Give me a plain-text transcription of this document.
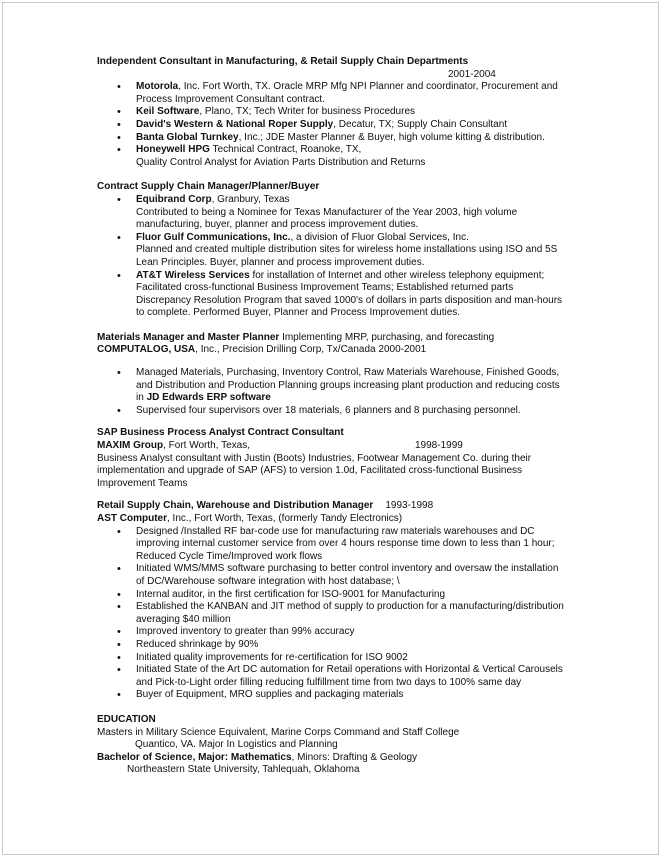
Independent Consultant in Manufacturing, & Retail Supply Chain Departments
2001-2004
• Motorola, Inc. Fort Worth, TX. Oracle MRP Mfg NPI Planner and coordinator, Procurement and
Process Improvement Consultant contract.
• Keil Software, Plano, TX; Tech Writer for business Procedures
• David's Western & National Roper Supply, Decatur, TX; Supply Chain Consultant
• Banta Global Turnkey, Inc.; JDE Master Planner & Buyer, high volume kitting & distribution.
• Honeywell HPG Technical Contract, Roanoke, TX,
Quality Control Analyst for Aviation Parts Distribution and Returns
Contract Supply Chain Manager/Planner/Buyer
• Equibrand Corp, Granbury, Texas
Contributed to being a Nominee for Texas Manufacturer of the Year 2003, high volume
manufacturing, buyer, planner and process improvement duties.
• Fluor Gulf Communications, Inc., a division of Fluor Global Services, Inc.
Planned and created multiple distribution sites for wireless home installations using ISO and 5S
Lean Principles. Buyer, planner and process improvement duties.
• AT&T Wireless Services for installation of Internet and other wireless telephony equipment;
Facilitated cross-functional Business Improvement Teams; Established returned parts
Discrepancy Resolution Program that saved 1000's of dollars in parts disposition and man-hours
to complete. Performed Buyer, Planner and Process Improvement duties.
Materials Manager and Master Planner Implementing MRP, purchasing, and forecasting
COMPUTALOG, USA, Inc., Precision Drilling Corp, Tx/Canada 2000-2001
• Managed Materials, Purchasing, Inventory Control, Raw Materials Warehouse, Finished Goods,
and Distribution and Production Planning groups increasing plant production and reducing costs
in JD Edwards ERP software
• Supervised four supervisors over 18 materials, 6 planners and 8 purchasing personnel.
SAP Business Process Analyst Contract Consultant
MAXIM Group, Fort Worth, Texas,	1998-1999
Business Analyst consultant with Justin (Boots) Industries, Footwear Management Co. during their
implementation and upgrade of SAP (AFS) to version 1.0d, Facilitated cross-functional Business
Improvement Teams
Retail Supply Chain, Warehouse and Distribution Manager 1993-1998
AST Computer, Inc., Fort Worth, Texas, (formerly Tandy Electronics)
• Designed /Installed RF bar-code use for manufacturing raw materials warehouses and DC
improving internal customer service from over 4 hours response time down to less than 1 hour;
Reduced Cycle Time/Improved work flows
• Initiated WMS/MMS software purchasing to better control inventory and oversaw the installation
of DC/Warehouse software integration with host database; \
• Internal auditor, in the first certification for ISO-9001 for Manufacturing
• Established the KANBAN and JIT method of supply to production for a manufacturing/distribution
averaging $40 million
• Improved inventory to greater than 99% accuracy
• Reduced shrinkage by 90%
• Initiated quality improvements for re-certification for ISO 9002
• Initiated State of the Art DC automation for Retail operations with Horizontal & Vertical Carousels
and Pick-to-Light order filling reducing fulfillment time from two days to 100% same day
• Buyer of Equipment, MRO supplies and packaging materials
EDUCATION
Masters in Military Science Equivalent, Marine Corps Command and Staff College
Quantico, VA. Major In Logistics and Planning
Bachelor of Science, Major: Mathematics, Minors: Drafting & Geology
Northeastern State University, Tahlequah, Oklahoma
